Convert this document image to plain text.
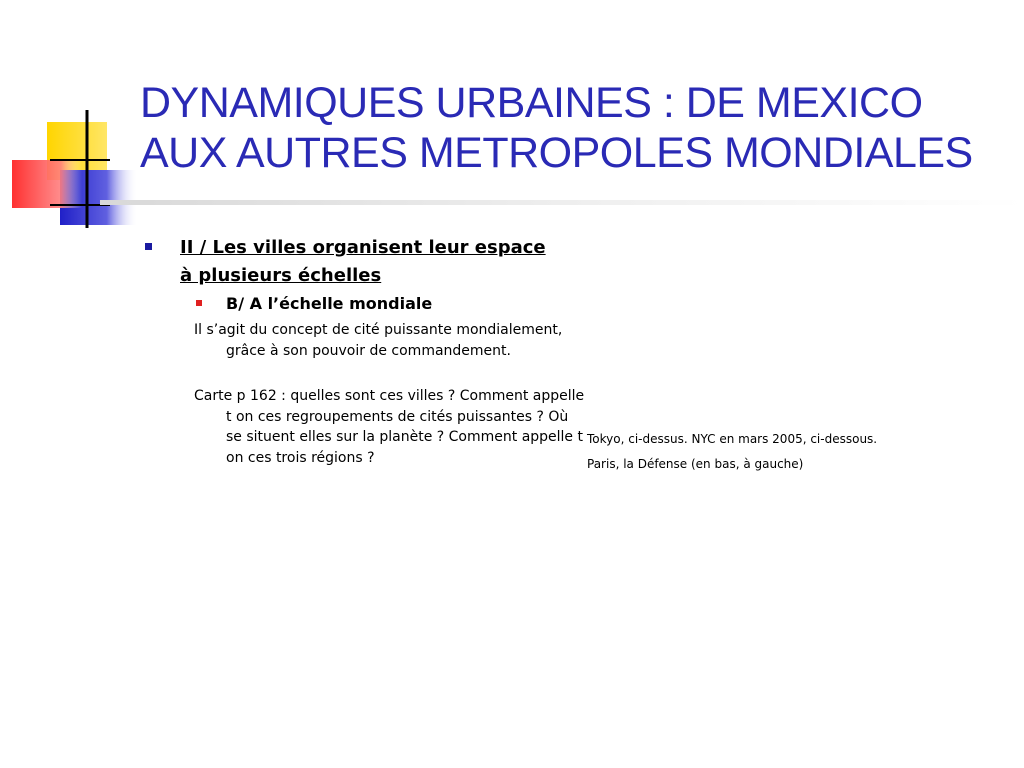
DYNAMIQUES URBAINES : DE MEXICO
AUX AUTRES METROPOLES MONDIALES

II / Les villes organisent leur espace à plusieurs échelles

B/ A l’échelle mondiale

Il s’agit du concept de cité puissante mondialement, grâce à son pouvoir de commandement.

Carte p 162 : quelles sont ces villes ? Comment appelle t on ces regroupements de cités puissantes ? Où se situent elles sur la planète ? Comment appelle t on ces trois régions ?

Tokyo, ci-dessus. NYC en mars 2005, ci-dessous.

Paris, la Défense (en bas, à gauche)
